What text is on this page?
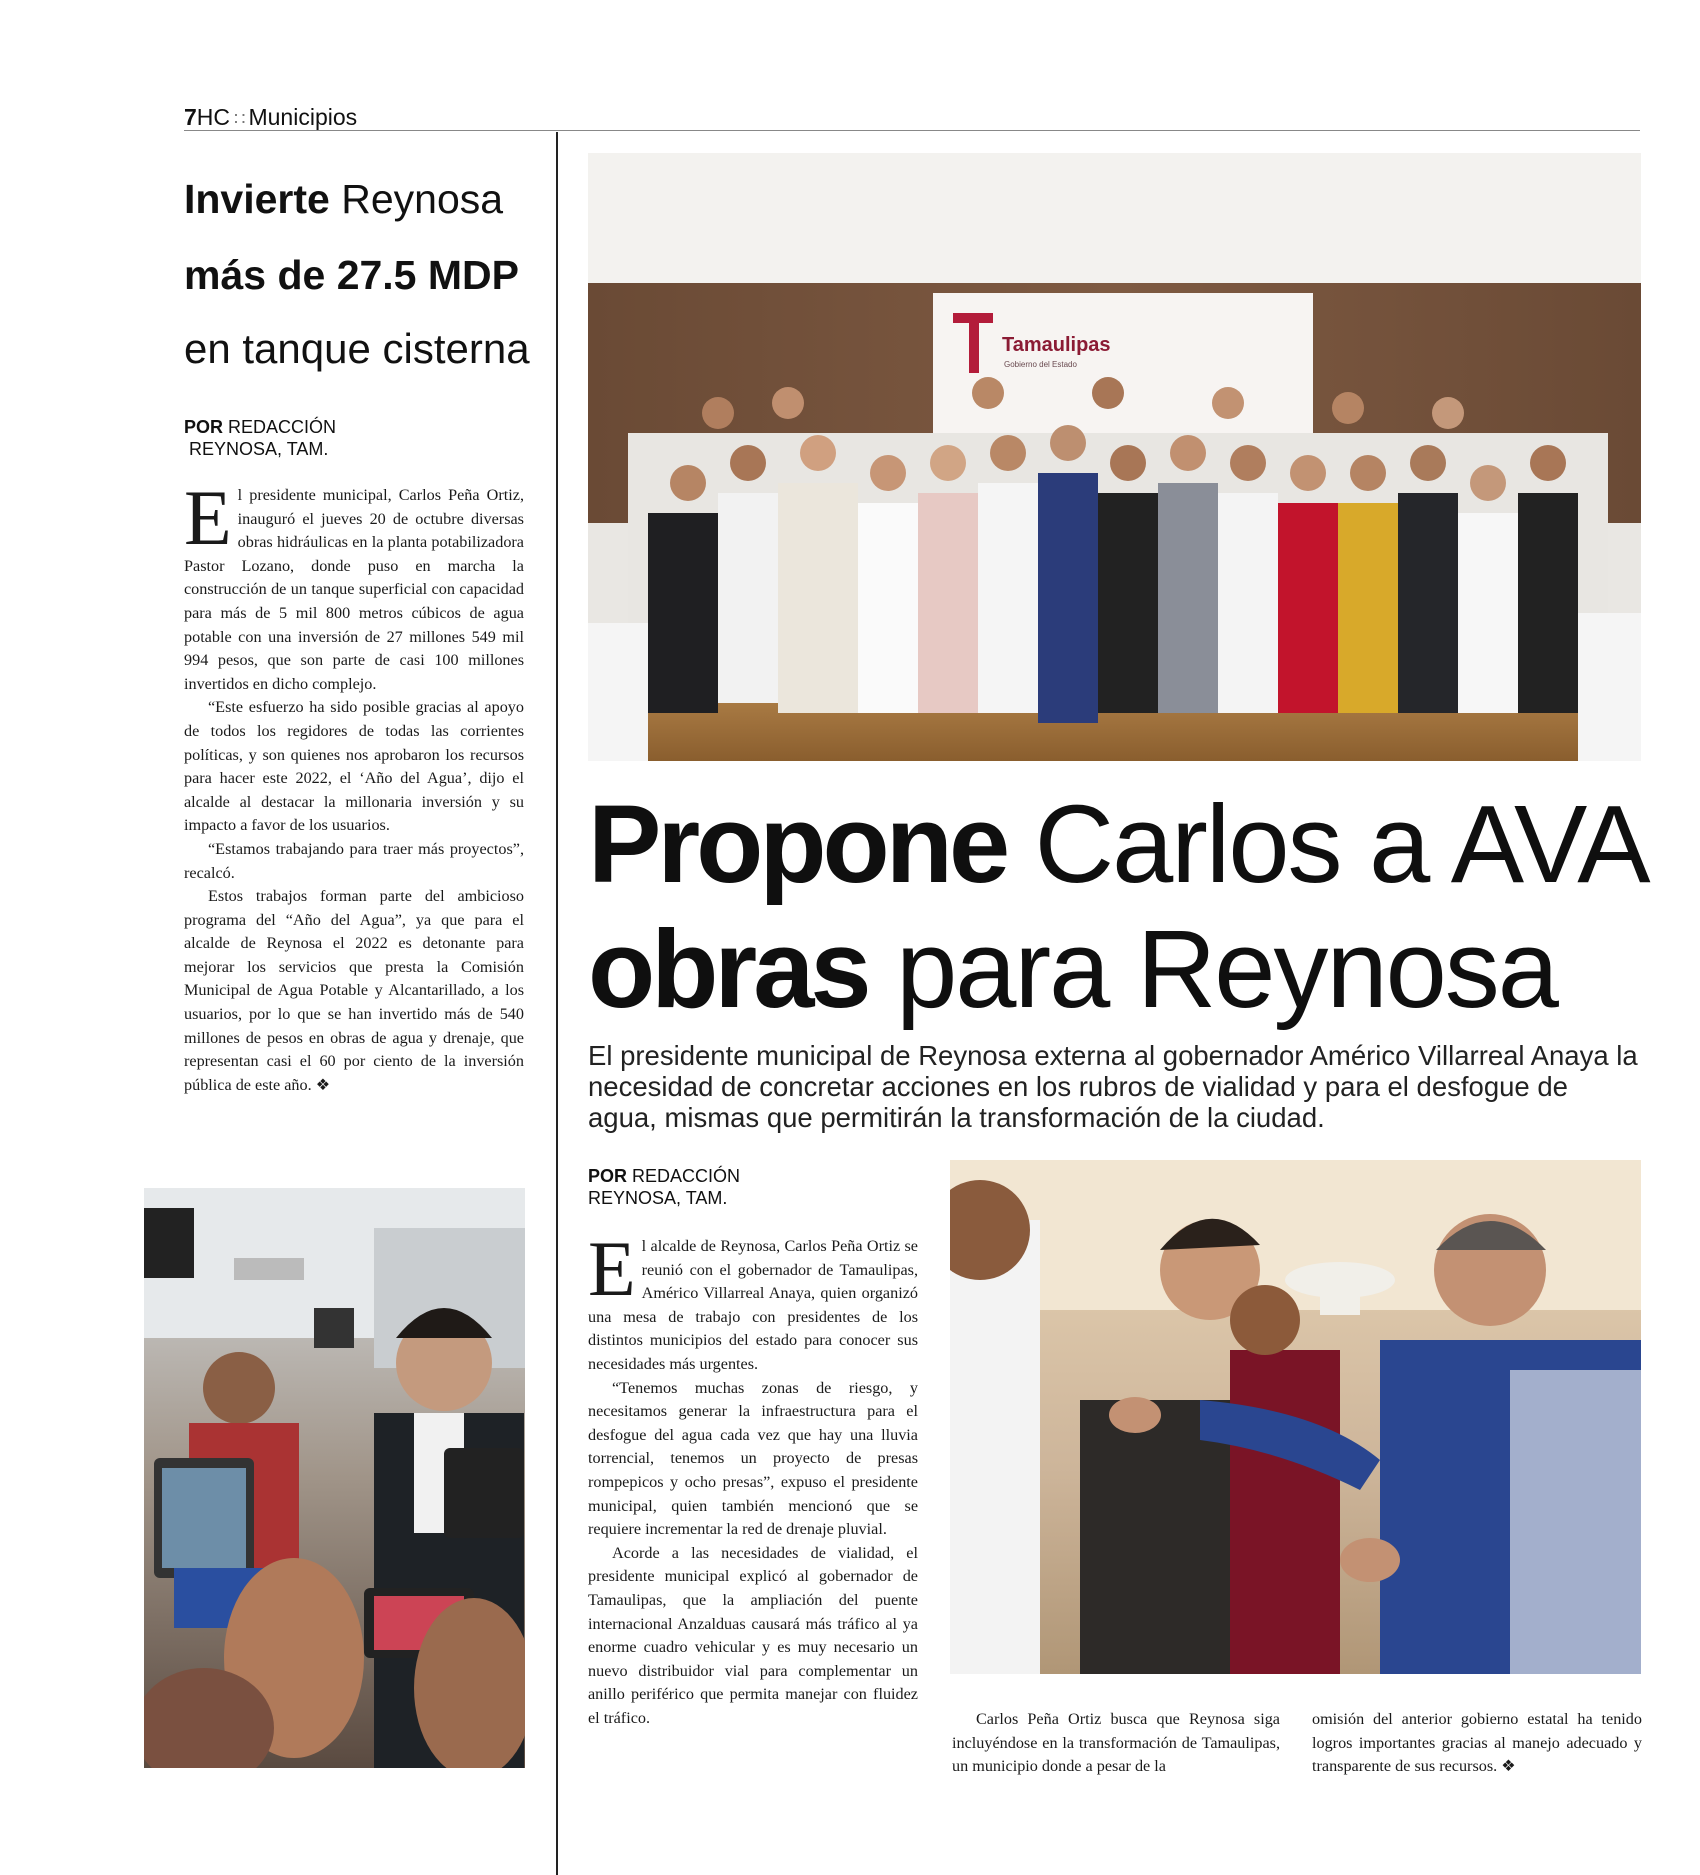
7HC ∷ Municipios
Invierte Reynosa
más de 27.5 MDP
en tanque cisterna
POR REDACCIÓN
REYNOSA, TAM.

El presidente municipal, Carlos Peña Ortiz, inauguró el jueves 20 de octubre diversas obras hidráulicas en la planta potabilizadora Pastor Lozano, donde puso en marcha la construcción de un tanque superficial con capacidad para más de 5 mil 800 metros cúbicos de agua potable con una inversión de 27 millones 549 mil 994 pesos, que son parte de casi 100 millones invertidos en dicho complejo.

“Este esfuerzo ha sido posible gracias al apoyo de todos los regidores de todas las corrientes políticas, y son quienes nos aprobaron los recursos para hacer este 2022, el ‘Año del Agua’, dijo el alcalde al destacar la millonaria inversión y su impacto a favor de los usuarios.

“Estamos trabajando para traer más proyectos”, recalcó.

Estos trabajos forman parte del ambicioso programa del “Año del Agua”, ya que para el alcalde de Reynosa el 2022 es detonante para mejorar los servicios que presta la Comisión Municipal de Agua Potable y Alcantarillado, a los usuarios, por lo que se han invertido más de 540 millones de pesos en obras de agua y drenaje, que representan casi el 60 por ciento de la inversión pública de este año. ❖

Tamaulipas
Gobierno del Estado
Propone Carlos a AVA
obras para Reynosa
El presidente municipal de Reynosa externa al gobernador Américo Villarreal Anaya la necesidad de concretar acciones en los rubros de vialidad y para el desfogue de agua, mismas que permitirán la transformación de la ciudad.
POR REDACCIÓN
REYNOSA, TAM.

El alcalde de Reynosa, Carlos Peña Ortiz se reunió con el gobernador de Tamaulipas, Américo Villarreal Anaya, quien organizó una mesa de trabajo con presidentes de los distintos municipios del estado para conocer sus necesidades más urgentes.

“Tenemos muchas zonas de riesgo, y necesitamos generar la infraestructura para el desfogue del agua cada vez que hay una lluvia torrencial, tenemos un proyecto de presas rompepicos y ocho presas”, expuso el presidente municipal, quien también mencionó que se requiere incrementar la red de drenaje pluvial.

Acorde a las necesidades de vialidad, el presidente municipal explicó al gobernador de Tamaulipas, que la ampliación del puente internacional Anzalduas causará más tráfico al ya enorme cuadro vehicular y es muy necesario un nuevo distribuidor vial para complementar un anillo periférico que permita manejar con fluidez el tráfico.	Carlos Peña Ortiz busca que Reynosa siga incluyéndose en la transformación de Tamaulipas, un municipio donde a pesar de la
omisión del anterior gobierno estatal ha tenido logros importantes gracias al manejo adecuado y transparente de sus recursos. ❖
